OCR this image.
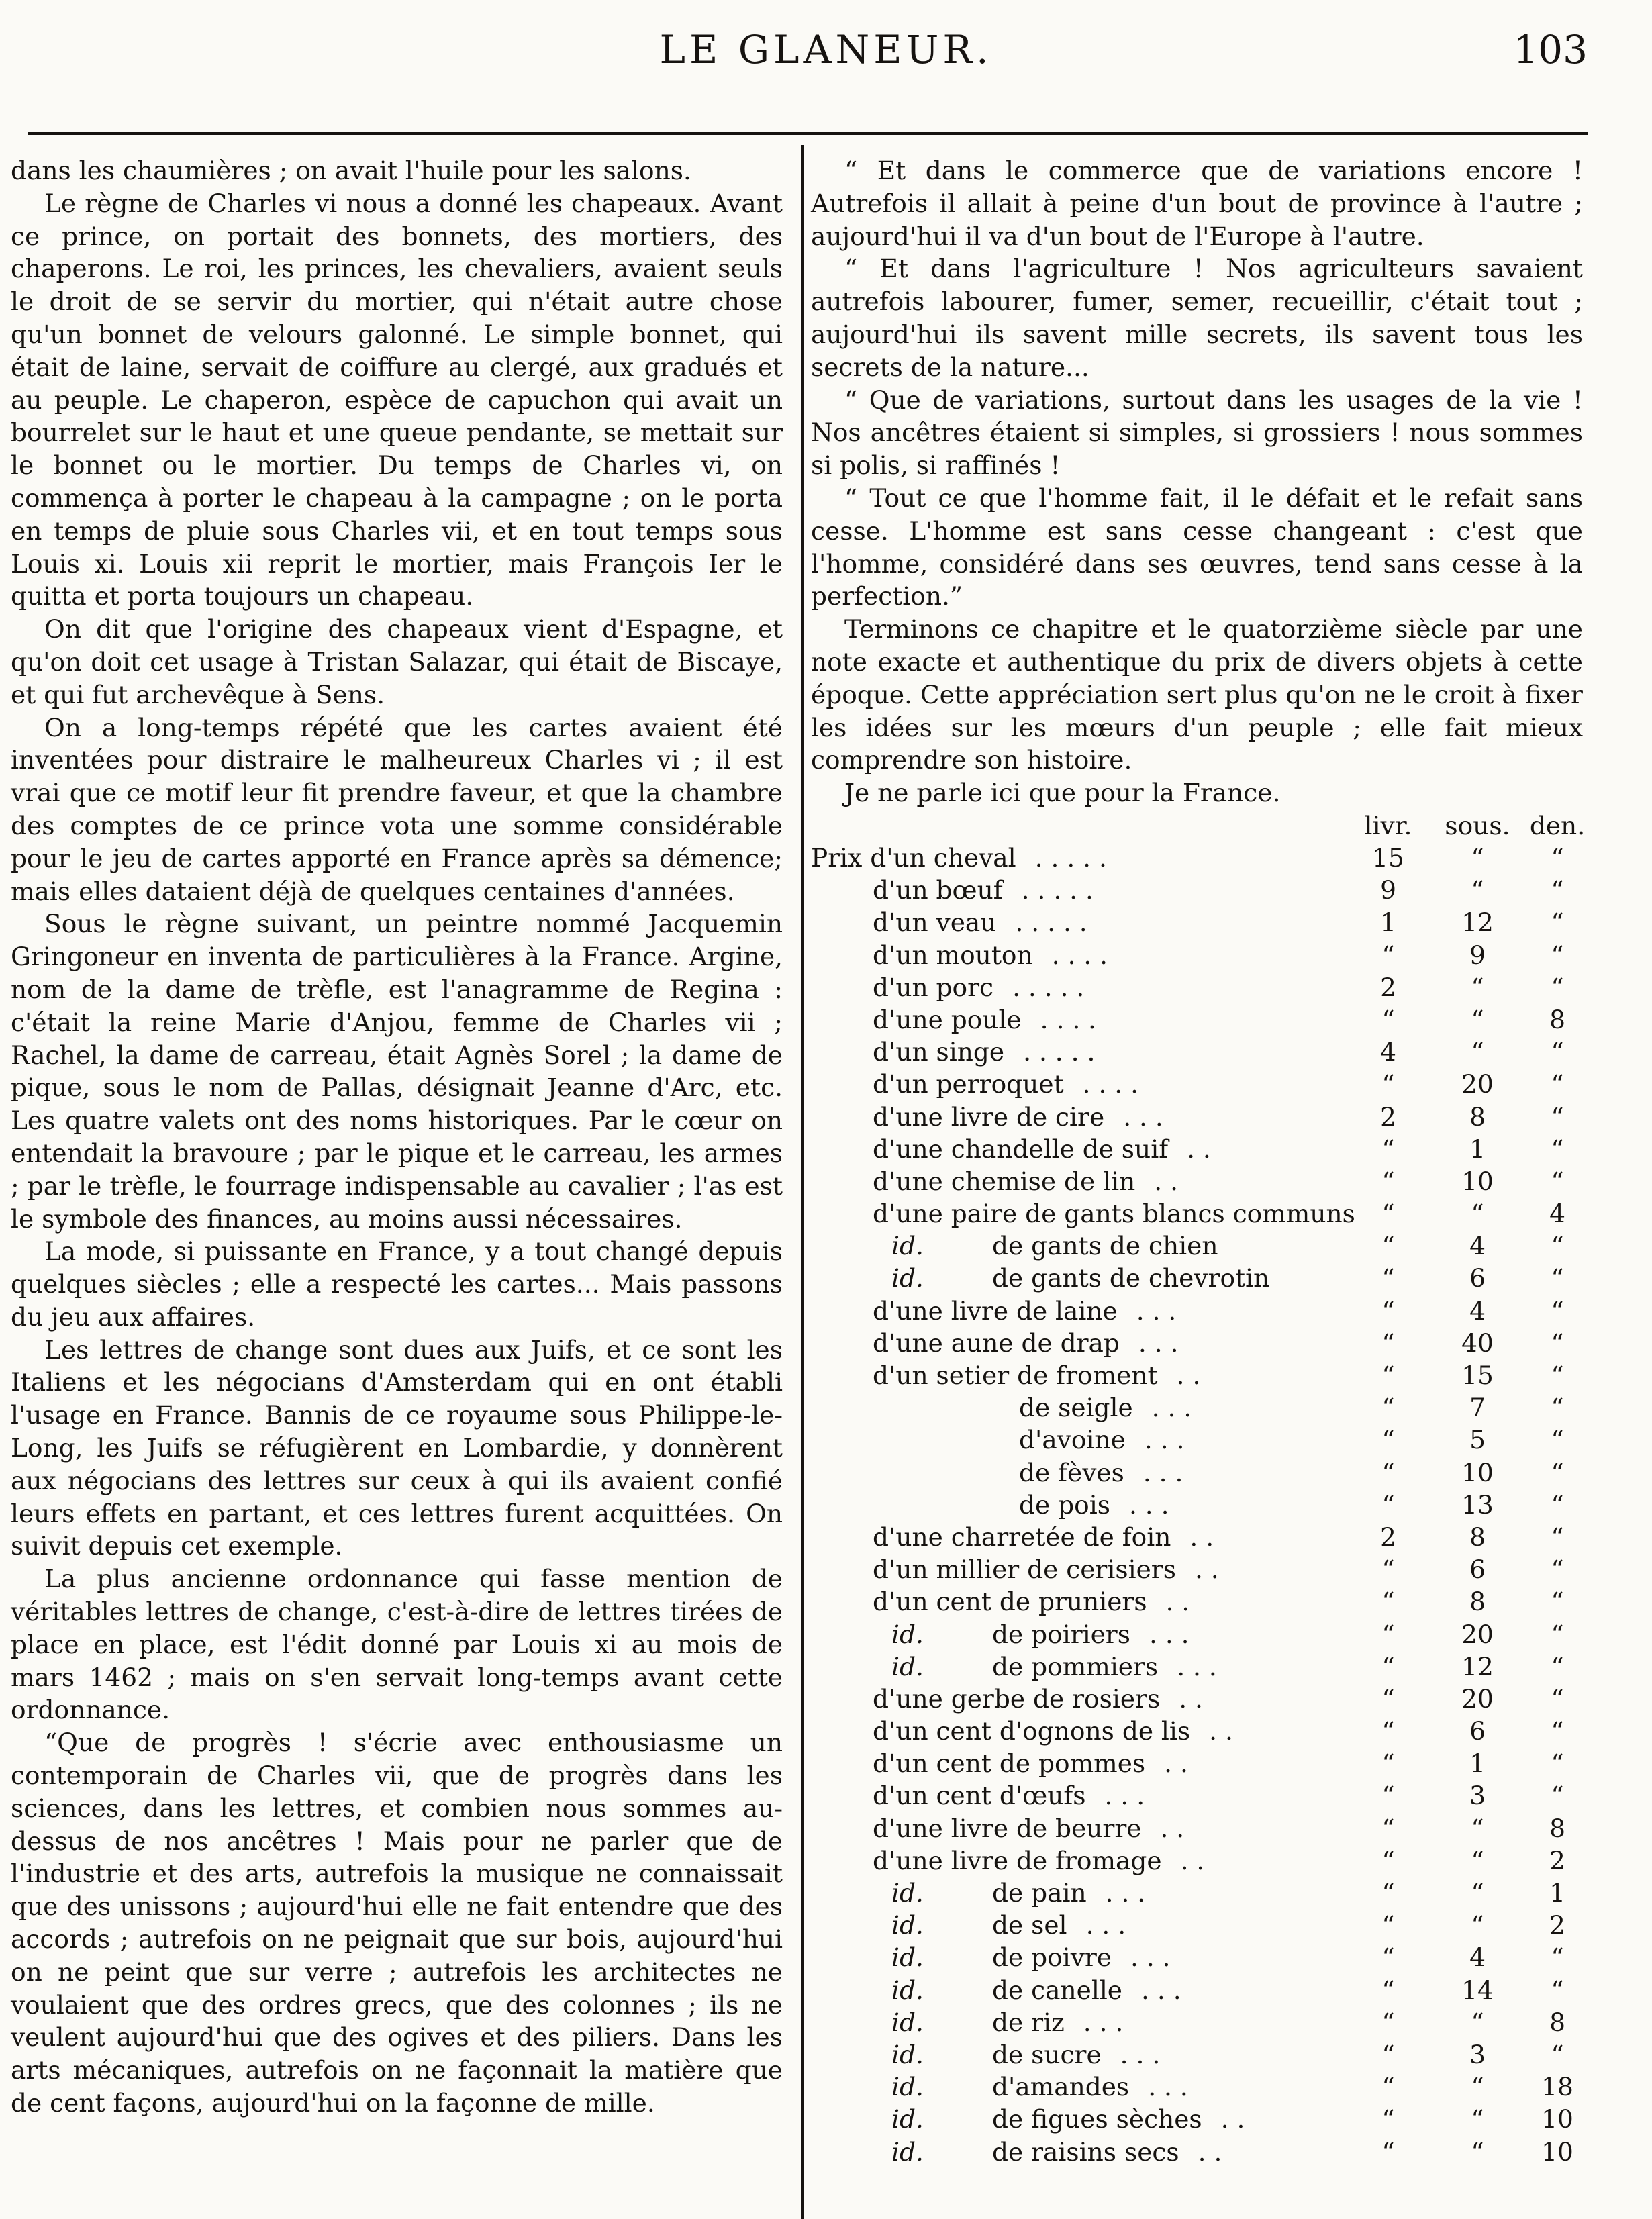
LE GLANEUR.	103

dans les chaumières ; on avait l'huile pour les salons.

Le règne de Charles vi nous a donné les chapeaux. Avant ce prince, on portait des bonnets, des mortiers, des chaperons. Le roi, les princes, les chevaliers, avaient seuls le droit de se servir du mortier, qui n'était autre chose qu'un bonnet de velours galonné. Le simple bonnet, qui était de laine, servait de coiffure au clergé, aux gradués et au peuple. Le chaperon, espèce de capuchon qui avait un bourrelet sur le haut et une queue pendante, se mettait sur le bonnet ou le mortier. Du temps de Charles vi, on commença à porter le chapeau à la campagne ; on le porta en temps de pluie sous Charles vii, et en tout temps sous Louis xi. Louis xii reprit le mortier, mais François Ier le quitta et porta toujours un chapeau.

On dit que l'origine des chapeaux vient d'Espagne, et qu'on doit cet usage à Tristan Salazar, qui était de Biscaye, et qui fut archevêque à Sens.

On a long-temps répété que les cartes avaient été inventées pour distraire le malheureux Charles vi ; il est vrai que ce motif leur fit prendre faveur, et que la chambre des comptes de ce prince vota une somme considérable pour le jeu de cartes apporté en France après sa démence; mais elles dataient déjà de quelques centaines d'années.

Sous le règne suivant, un peintre nommé Jacquemin Gringoneur en inventa de particulières à la France. Argine, nom de la dame de trèfle, est l'anagramme de Regina : c'était la reine Marie d'Anjou, femme de Charles vii ; Rachel, la dame de carreau, était Agnès Sorel ; la dame de pique, sous le nom de Pallas, désignait Jeanne d'Arc, etc. Les quatre valets ont des noms historiques. Par le cœur on entendait la bravoure ; par le pique et le carreau, les armes ; par le trèfle, le fourrage indispensable au cavalier ; l'as est le symbole des finances, au moins aussi nécessaires.

La mode, si puissante en France, y a tout changé depuis quelques siècles ; elle a respecté les cartes... Mais passons du jeu aux affaires.

Les lettres de change sont dues aux Juifs, et ce sont les Italiens et les négocians d'Amsterdam qui en ont établi l'usage en France. Bannis de ce royaume sous Philippe-le-Long, les Juifs se réfugièrent en Lombardie, y donnèrent aux négocians des lettres sur ceux à qui ils avaient confié leurs effets en partant, et ces lettres furent acquittées. On suivit depuis cet exemple.

La plus ancienne ordonnance qui fasse mention de véritables lettres de change, c'est-à-dire de lettres tirées de place en place, est l'édit donné par Louis xi au mois de mars 1462 ; mais on s'en servait long-temps avant cette ordonnance.

“Que de progrès ! s'écrie avec enthousiasme un contemporain de Charles vii, que de progrès dans les sciences, dans les lettres, et combien nous sommes au-dessus de nos ancêtres ! Mais pour ne parler que de l'industrie et des arts, autrefois la musique ne connaissait que des unissons ; aujourd'hui elle ne fait entendre que des accords ; autrefois on ne peignait que sur bois, aujourd'hui on ne peint que sur verre ; autrefois les architectes ne voulaient que des ordres grecs, que des colonnes ; ils ne veulent aujourd'hui que des ogives et des piliers. Dans les arts mécaniques, autrefois on ne façonnait la matière que de cent façons, aujourd'hui on la façonne de mille.

“ Et dans le commerce que de variations encore ! Autrefois il allait à peine d'un bout de province à l'autre ; aujourd'hui il va d'un bout de l'Europe à l'autre.

“ Et dans l'agriculture ! Nos agriculteurs savaient autrefois labourer, fumer, semer, recueillir, c'était tout ; aujourd'hui ils savent mille secrets, ils savent tous les secrets de la nature...

“ Que de variations, surtout dans les usages de la vie ! Nos ancêtres étaient si simples, si grossiers ! nous sommes si polis, si raffinés !

“ Tout ce que l'homme fait, il le défait et le refait sans cesse. L'homme est sans cesse changeant : c'est que l'homme, considéré dans ses œuvres, tend sans cesse à la perfection.”

Terminons ce chapitre et le quatorzième siècle par une note exacte et authentique du prix de divers objets à cette époque. Cette appréciation sert plus qu'on ne le croit à fixer les idées sur les mœurs d'un peuple ; elle fait mieux comprendre son histoire.

Je ne parle ici que pour la France.

livr.	sous. den.
Prix d'un cheval . . . . .	15	“	“
d'un bœuf . . . . .	9	“	“
d'un veau . . . . .	1	12	“
d'un mouton . . . .	“	9	“
d'un porc . . . . .	2	“	“
d'une poule . . . .	“	“	8
d'un singe . . . . .	4	“	“
d'un perroquet . . . .	“	20	“
d'une livre de cire . . .	2	8	“
d'une chandelle de suif . .	“	1	“
d'une chemise de lin . .	“	10	“
d'une paire de gants blancs communs	“	“	4
id.	de gants de chien	“	4	“
id.	de gants de chevrotin	“	6	“
d'une livre de laine . . .	“	4	“
d'une aune de drap . . .	“	40	“
d'un setier de froment . .	“	15	“
de seigle . . .	“	7	“
d'avoine . . .	“	5	“
de fèves . . .	“	10	“
de pois . . .	“	13	“
d'une charretée de foin . .	2	8	“
d'un millier de cerisiers . .	“	6	“
d'un cent de pruniers . .	“	8	“
id.	de poiriers . . .	“	20	“
id.	de pommiers . . .	“	12	“
d'une gerbe de rosiers . .	“	20	“
d'un cent d'ognons de lis . .	“	6	“
d'un cent de pommes . .	“	1	“
d'un cent d'œufs . . .	“	3	“
d'une livre de beurre . .	“	“	8
d'une livre de fromage . .	“	“	2
id.	de pain . . .	“	“	1
id.	de sel . . .	“	“	2
id.	de poivre . . .	“	4	“
id.	de canelle . . .	“	14	“
id.	de riz . . .	“	“	8
id.	de sucre . . .	“	3	“
id.	d'amandes . . .	“	“	18
id.	de figues sèches . .	“	“	10
id.	de raisins secs . .	“	“	10
